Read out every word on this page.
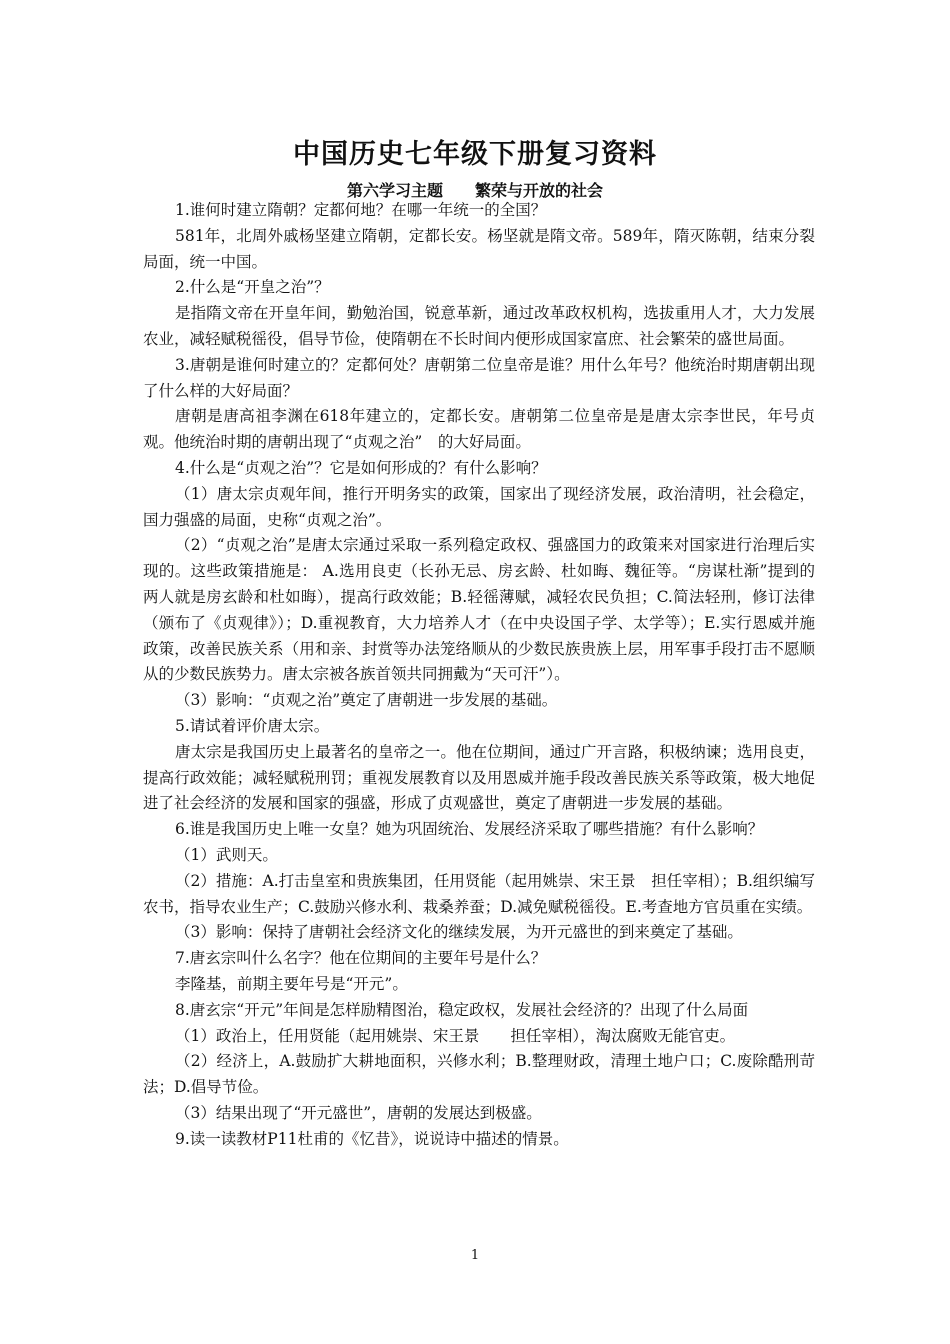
中国历史七年级下册复习资料
第六学习主题　　繁荣与开放的社会

1.谁何时建立隋朝？定都何地？在哪一年统一的全国？

581年，北周外戚杨坚建立隋朝，定都长安。杨坚就是隋文帝。589年，隋灭陈朝，结束分裂局面，统一中国。

2.什么是“开皇之治”？

是指隋文帝在开皇年间，勤勉治国，锐意革新，通过改革政权机构，选拔重用人才，大力发展农业，减轻赋税徭役，倡导节俭，使隋朝在不长时间内便形成国家富庶、社会繁荣的盛世局面。

3.唐朝是谁何时建立的？定都何处？唐朝第二位皇帝是谁？用什么年号？他统治时期唐朝出现了什么样的大好局面？

唐朝是唐高祖李渊在618年建立的，定都长安。唐朝第二位皇帝是是唐太宗李世民，年号贞观。他统治时期的唐朝出现了“贞观之治”　的大好局面。

4.什么是“贞观之治”？它是如何形成的？有什么影响？

（1）唐太宗贞观年间，推行开明务实的政策，国家出了现经济发展，政治清明，社会稳定，国力强盛的局面，史称“贞观之治”。

（2）“贞观之治”是唐太宗通过采取一系列稳定政权、强盛国力的政策来对国家进行治理后实现的。这些政策措施是： A.选用良吏（长孙无忌、房玄龄、杜如晦、魏征等。“房谋杜渐”提到的两人就是房玄龄和杜如晦），提高行政效能；B.轻徭薄赋，减轻农民负担；C.简法轻刑，修订法律（颁布了《贞观律》）；D.重视教育，大力培养人才（在中央设国子学、太学等）；E.实行恩威并施政策，改善民族关系（用和亲、封赏等办法笼络顺从的少数民族贵族上层，用军事手段打击不愿顺从的少数民族势力。唐太宗被各族首领共同拥戴为“天可汗”）。

（3）影响：“贞观之治”奠定了唐朝进一步发展的基础。

5.请试着评价唐太宗。

唐太宗是我国历史上最著名的皇帝之一。他在位期间，通过广开言路，积极纳谏；选用良吏，提高行政效能；减轻赋税刑罚；重视发展教育以及用恩威并施手段改善民族关系等政策，极大地促进了社会经济的发展和国家的强盛，形成了贞观盛世，奠定了唐朝进一步发展的基础。

6.谁是我国历史上唯一女皇？她为巩固统治、发展经济采取了哪些措施？有什么影响？

（1）武则天。

（2）措施：A.打击皇室和贵族集团，任用贤能（起用姚崇、宋王景　担任宰相）；B.组织编写农书，指导农业生产；C.鼓励兴修水利、栽桑养蚕；D.减免赋税徭役。E.考查地方官员重在实绩。

（3）影响：保持了唐朝社会经济文化的继续发展，为开元盛世的到来奠定了基础。

7.唐玄宗叫什么名字？他在位期间的主要年号是什么？

李隆基，前期主要年号是“开元”。

8.唐玄宗“开元”年间是怎样励精图治，稳定政权，发展社会经济的？出现了什么局面

（1）政治上，任用贤能（起用姚崇、宋王景　　担任宰相），淘汰腐败无能官吏。

（2）经济上，A.鼓励扩大耕地面积，兴修水利；B.整理财政，清理土地户口；C.废除酷刑苛法；D.倡导节俭。

（3）结果出现了“开元盛世”，唐朝的发展达到极盛。

9.读一读教材P11杜甫的《忆昔》，说说诗中描述的情景。

1
